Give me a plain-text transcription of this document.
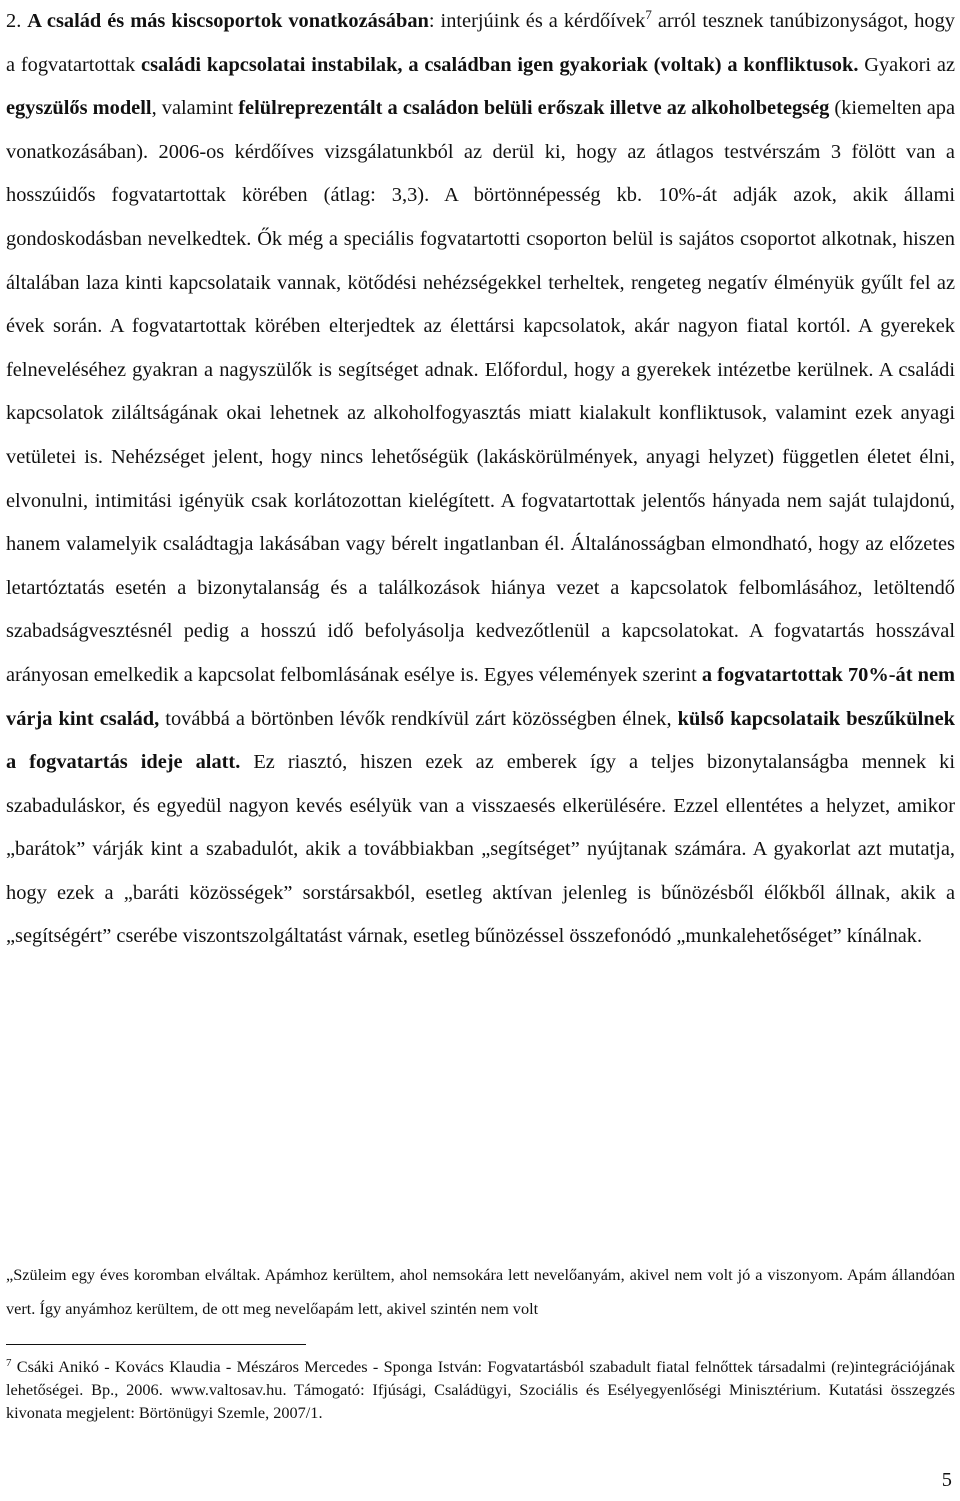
2. A család és más kiscsoportok vonatkozásában: interjúink és a kérdőívek$^7$ arról tesznek tanúbizonyságot, hogy a fogvatartottak családi kapcsolatai instabilak, a családban igen gyakoriak (voltak) a konfliktusok. Gyakori az egyszülős modell, valamint felülreprezentált a családon belüli erőszak illetve az alkoholbetegség (kiemelten apa vonatkozásában). 2006-os kérdőíves vizsgálatunkból az derül ki, hogy az átlagos testvérszám 3 fölött van a hosszúidős fogvatartottak körében (átlag: 3,3). A börtönnépesség kb. 10%-át adják azok, akik állami gondoskodásban nevelkedtek. Ők még a speciális fogvatartotti csoporton belül is sajátos csoportot alkotnak, hiszen általában laza kinti kapcsolataik vannak, kötődési nehézségekkel terheltek, rengeteg negatív élményük gyűlt fel az évek során. A fogvatartottak körében elterjedtek az élettársi kapcsolatok, akár nagyon fiatal kortól. A gyerekek felneveléséhez gyakran a nagyszülők is segítséget adnak. Előfordul, hogy a gyerekek intézetbe kerülnek. A családi kapcsolatok ziláltságának okai lehetnek az alkoholfogyasztás miatt kialakult konfliktusok, valamint ezek anyagi vetületei is. Nehézséget jelent, hogy nincs lehetőségük (lakáskörülmények, anyagi helyzet) független életet élni, elvonulni, intimitási igényük csak korlátozottan kielégített. A fogvatartottak jelentős hányada nem saját tulajdonú, hanem valamelyik családtagja lakásában vagy bérelt ingatlanban él. Általánosságban elmondható, hogy az előzetes letartóztatás esetén a bizonytalanság és a találkozások hiánya vezet a kapcsolatok felbomlásához, letöltendő szabadságvesztésnél pedig a hosszú idő befolyásolja kedvezőtlenül a kapcsolatokat. A fogvatartás hosszával arányosan emelkedik a kapcsolat felbomlásának esélye is. Egyes vélemények szerint a fogvatartottak 70%-át nem várja kint család, továbbá a börtönben lévők rendkívül zárt közösségben élnek, külső kapcsolataik beszűkülnek a fogvatartás ideje alatt. Ez riasztó, hiszen ezek az emberek így a teljes bizonytalanságba mennek ki szabaduláskor, és egyedül nagyon kevés esélyük van a visszaesés elkerülésére. Ezzel ellentétes a helyzet, amikor „barátok” várják kint a szabadulót, akik a továbbiakban „segítséget” nyújtanak számára. A gyakorlat azt mutatja, hogy ezek a „baráti közösségek” sorstársakból, esetleg aktívan jelenleg is bűnözésből élőkből állnak, akik a „segítségért” cserébe viszontszolgáltatást várnak, esetleg bűnözéssel összefonódó „munkalehetőséget” kínálnak.

„Szüleim egy éves koromban elváltak. Apámhoz kerültem, ahol nemsokára lett nevelőanyám, akivel nem volt jó a viszonyom. Apám állandóan vert. Így anyámhoz kerültem, de ott meg nevelőapám lett, akivel szintén nem volt

$^7$ Csáki Anikó - Kovács Klaudia - Mészáros Mercedes - Sponga István: Fogvatartásból szabadult fiatal felnőttek társadalmi (re)integrációjának lehetőségei. Bp., 2006. www.valtosav.hu. Támogató: Ifjúsági, Családügyi, Szociális és Esélyegyenlőségi Minisztérium. Kutatási összegzés kivonata megjelent: Börtönügyi Szemle, 2007/1.

5
